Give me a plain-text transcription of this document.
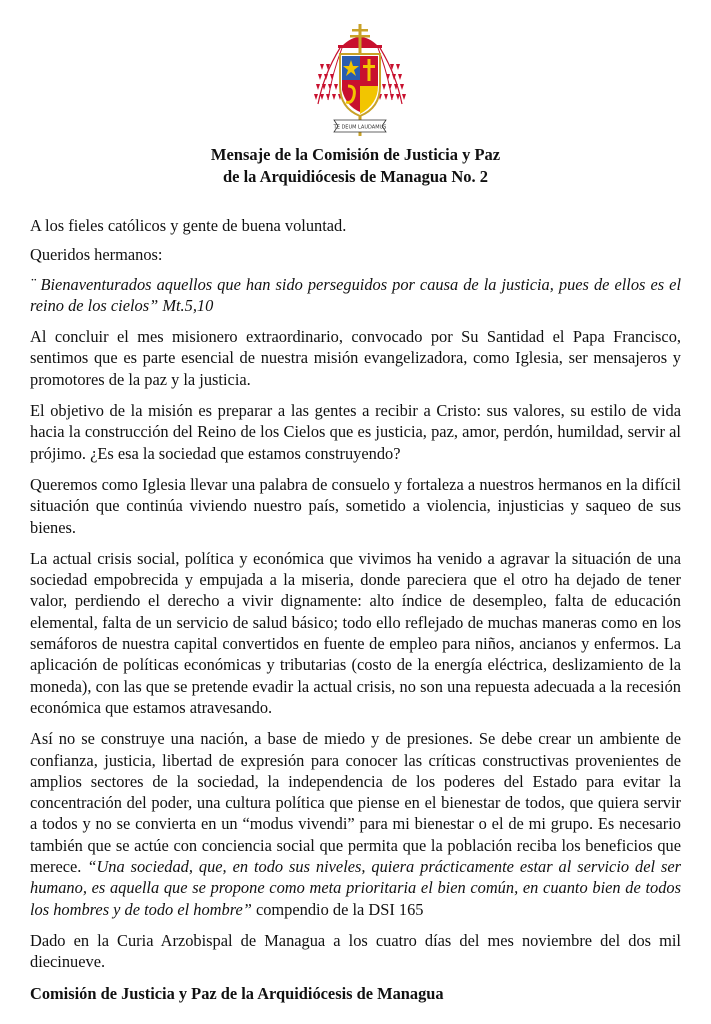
TE DEUM LAUDAMUS
Mensaje de la Comisión de Justicia y Paz
de la Arquidiócesis de Managua No. 2

A los fieles católicos y gente de buena voluntad.

Queridos hermanos:

¨ Bienaventurados aquellos que han sido perseguidos por causa de la justicia, pues de ellos es el reino de los cielos” Mt.5,10

Al concluir el mes misionero extraordinario, convocado por Su Santidad el Papa Francisco, sentimos que es parte esencial de nuestra misión evangelizadora, como Iglesia, ser mensajeros y promotores de la paz y la justicia.

El objetivo de la misión es preparar a las gentes a recibir a Cristo: sus valores, su estilo de vida hacia la construcción del Reino de los Cielos que es justicia, paz, amor, perdón, humildad, servir al prójimo. ¿Es esa la sociedad que estamos construyendo?

Queremos como Iglesia llevar una palabra de consuelo y fortaleza a nuestros hermanos en la difícil situación que continúa viviendo nuestro país, sometido a violencia, injusticias y saqueo de sus bienes.

La actual crisis social, política y económica que vivimos ha venido a agravar la situación de una sociedad empobrecida y empujada a la miseria, donde pareciera que el otro ha dejado de tener valor, perdiendo el derecho a vivir dignamente: alto índice de desempleo, falta de educación elemental, falta de un servicio de salud básico; todo ello reflejado de muchas maneras como en los semáforos de nuestra capital convertidos en fuente de empleo para niños, ancianos y enfermos. La aplicación de políticas económicas y tributarias (costo de la energía eléctrica, deslizamiento de la moneda), con las que se pretende evadir la actual crisis, no son una repuesta adecuada a la recesión económica que estamos atravesando.

Así no se construye una nación, a base de miedo y de presiones. Se debe crear un ambiente de confianza, justicia, libertad de expresión para conocer las críticas constructivas provenientes de amplios sectores de la sociedad, la independencia de los poderes del Estado para evitar la concentración del poder, una cultura política que piense en el bienestar de todos, que quiera servir a todos y no se convierta en un “modus vivendi” para mi bienestar o el de mi grupo. Es necesario también que se actúe con conciencia social que permita que la población reciba los beneficios que merece. “Una sociedad, que, en todo sus niveles, quiera prácticamente estar al servicio del ser humano, es aquella que se propone como meta prioritaria el bien común, en cuanto bien de todos los hombres y de todo el hombre” compendio de la DSI 165

Dado en la Curia Arzobispal de Managua a los cuatro días del mes noviembre del dos mil diecinueve.

Comisión de Justicia y Paz de la Arquidiócesis de Managua
